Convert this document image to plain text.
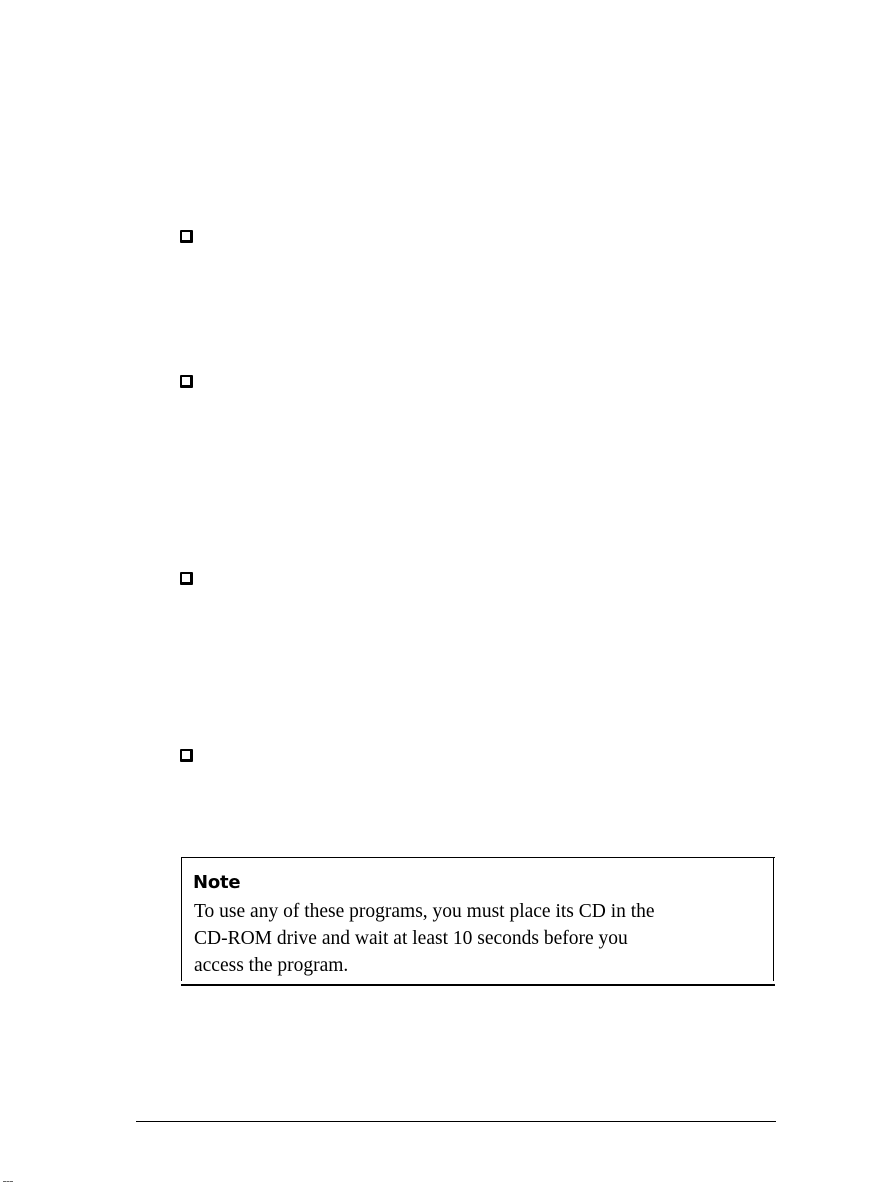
Note
To use any of these programs, you must place its CD in the
CD-ROM drive and wait at least 10 seconds before you
access the program.
